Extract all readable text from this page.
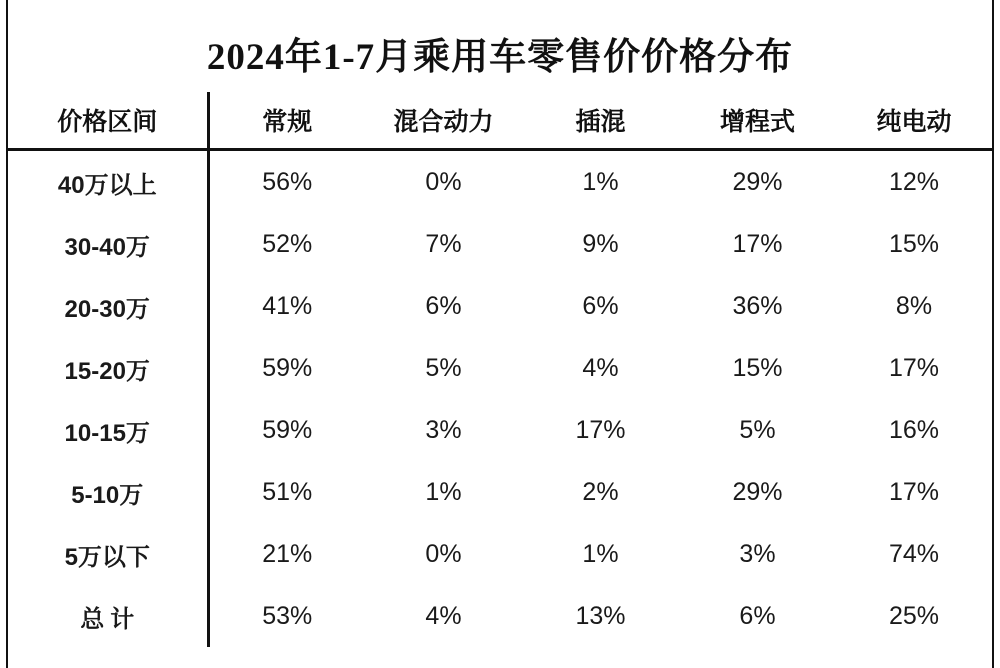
2024年1-7月乘用车零售价价格分布
价格区间	常规	混合动力	插混	增程式	纯电动
40万以上	56%	0%	1%	29%	12%
30-40万	52%	7%	9%	17%	15%
20-30万	41%	6%	6%	36%	8%
15-20万	59%	5%	4%	15%	17%
10-15万	59%	3%	17%	5%	16%
5-10万	51%	1%	2%	29%	17%
5万以下	21%	0%	1%	3%	74%
总计	53%	4%	13%	6%	25%
